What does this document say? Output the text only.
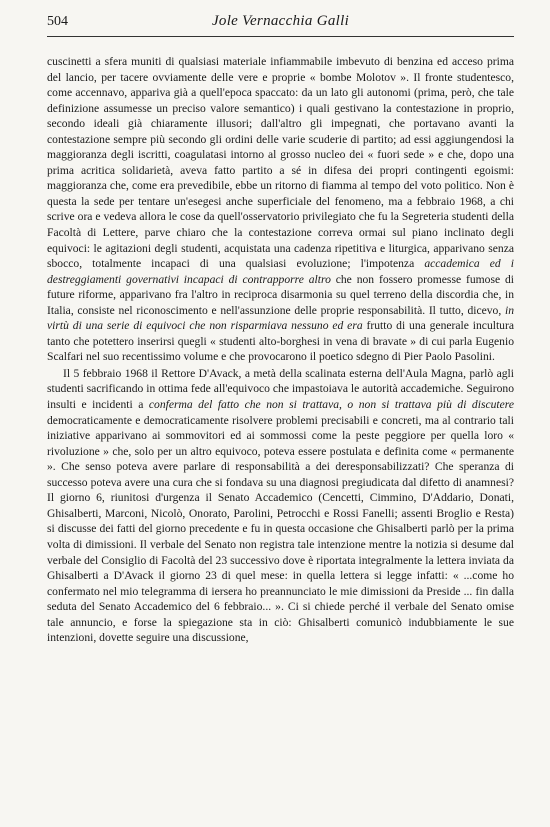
504	Jole Vernacchia Galli

cuscinetti a sfera muniti di qualsiasi materiale infiammabile imbevuto di benzina ed acceso prima del lancio, per tacere ovviamente delle vere e proprie « bombe Molotov ». Il fronte studentesco, come accennavo, appariva già a quell'epoca spaccato: da un lato gli autonomi (prima, però, che tale definizione assumesse un preciso valore semantico) i quali gestivano la contestazione in proprio, secondo ideali già chiaramente illusori; dall'altro gli impegnati, che portavano avanti la contestazione sempre più secondo gli ordini delle varie scuderie di partito; ad essi aggiungendosi la maggioranza degli iscritti, coagulatasi intorno al grosso nucleo dei « fuori sede » e che, dopo una prima acritica solidarietà, aveva fatto partito a sé in difesa dei propri contingenti egoismi: maggioranza che, come era prevedibile, ebbe un ritorno di fiamma al tempo del voto politico. Non è questa la sede per tentare un'esegesi anche superficiale del fenomeno, ma a febbraio 1968, a chi scrive ora e vedeva allora le cose da quell'osservatorio privilegiato che fu la Segreteria studenti della Facoltà di Lettere, parve chiaro che la contestazione correva ormai sul piano inclinato degli equivoci: le agitazioni degli studenti, acquistata una cadenza ripetitiva e liturgica, apparivano senza sbocco, totalmente incapaci di una qualsiasi evoluzione; l'impotenza accademica ed i destreggiamenti governativi incapaci di contrapporre altro che non fossero promesse fumose di future riforme, apparivano fra l'altro in reciproca disarmonia su quel terreno della discordia che, in Italia, consiste nel riconoscimento e nell'assunzione delle proprie responsabilità. Il tutto, dicevo, in virtù di una serie di equivoci che non risparmiava nessuno ed era frutto di una generale incultura tanto che potettero inserirsi quegli « studenti alto-borghesi in vena di bravate » di cui parla Eugenio Scalfari nel suo recentissimo volume e che provocarono il poetico sdegno di Pier Paolo Pasolini.

Il 5 febbraio 1968 il Rettore D'Avack, a metà della scalinata esterna dell'Aula Magna, parlò agli studenti sacrificando in ottima fede all'equivoco che impastoiava le autorità accademiche. Seguirono insulti e incidenti a conferma del fatto che non si trattava, o non si trattava più di discutere democraticamente e democraticamente risolvere problemi precisabili e concreti, ma al contrario tali iniziative apparivano ai sommovitori ed ai sommossi come la peste peggiore per quella loro « rivoluzione » che, solo per un altro equivoco, poteva essere postulata e definita come « permanente ». Che senso poteva avere parlare di responsabilità a dei deresponsabilizzati? Che speranza di successo poteva avere una cura che si fondava su una diagnosi pregiudicata dal difetto di anamnesi? Il giorno 6, riunitosi d'urgenza il Senato Accademico (Cencetti, Cimmino, D'Addario, Donati, Ghisalberti, Marconi, Nicolò, Onorato, Parolini, Petrocchi e Rossi Fanelli; assenti Broglio e Resta) si discusse dei fatti del giorno precedente e fu in questa occasione che Ghisalberti parlò per la prima volta di dimissioni. Il verbale del Senato non registra tale intenzione mentre la notizia si desume dal verbale del Consiglio di Facoltà del 23 successivo dove è riportata integralmente la lettera inviata da Ghisalberti a D'Avack il giorno 23 di quel mese: in quella lettera si legge infatti: « ...come ho confermato nel mio telegramma di iersera ho preannunciato le mie dimissioni da Preside ... fin dalla seduta del Senato Accademico del 6 febbraio... ». Ci si chiede perché il verbale del Senato omise tale annuncio, e forse la spiegazione sta in ciò: Ghisalberti comunicò indubbiamente le sue intenzioni, dovette seguire una discussione,
